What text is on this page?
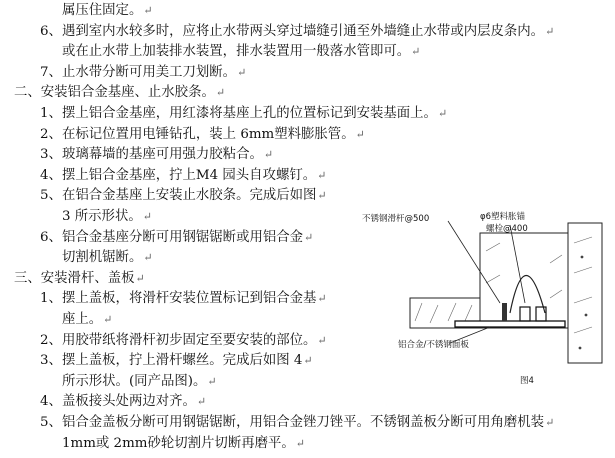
属压住固定。↵
6、遇到室内水较多时，应将止水带两头穿过墙缝引通至外墙缝止水带或内层皮条内。↵
或在止水带上加装排水装置，排水装置用一般落水管即可。↵
7、止水带分断可用美工刀划断。↵
二、安装铝合金基座、止水胶条。↵
1、摆上铝合金基座，用红漆将基座上孔的位置标记到安装基面上。↵
2、在标记位置用电锤钻孔，装上 6mm塑料膨胀管。↵
3、玻璃幕墙的基座可用强力胶粘合。↵
4、摆上铝合金基座，拧上M4 园头自攻螺钉。↵
5、在铝合金基座上安装止水胶条。完成后如图↵
3 所示形状。↵
6、铝合金基座分断可用钢锯锯断或用铝合金↵
切割机锯断。↵
三、安装滑杆、盖板↵
1、摆上盖板，将滑杆安装位置标记到铝合金基↵
座上。↵
2、用胶带纸将滑杆初步固定至要安装的部位。↵
3、摆上盖板，拧上滑杆螺丝。完成后如图 4↵
所示形状。(同产品图)。↵
4、盖板接头处两边对齐。↵
5、铝合金盖板分断可用钢锯锯断，用铝合金锉刀锉平。不锈钢盖板分断可用角磨机装↵
1mm或 2mm砂轮切割片切断再磨平。↵
不锈钢滑杆@500	φ6塑料胀锚
螺栓@400
铝合金/不锈钢面板
图4
